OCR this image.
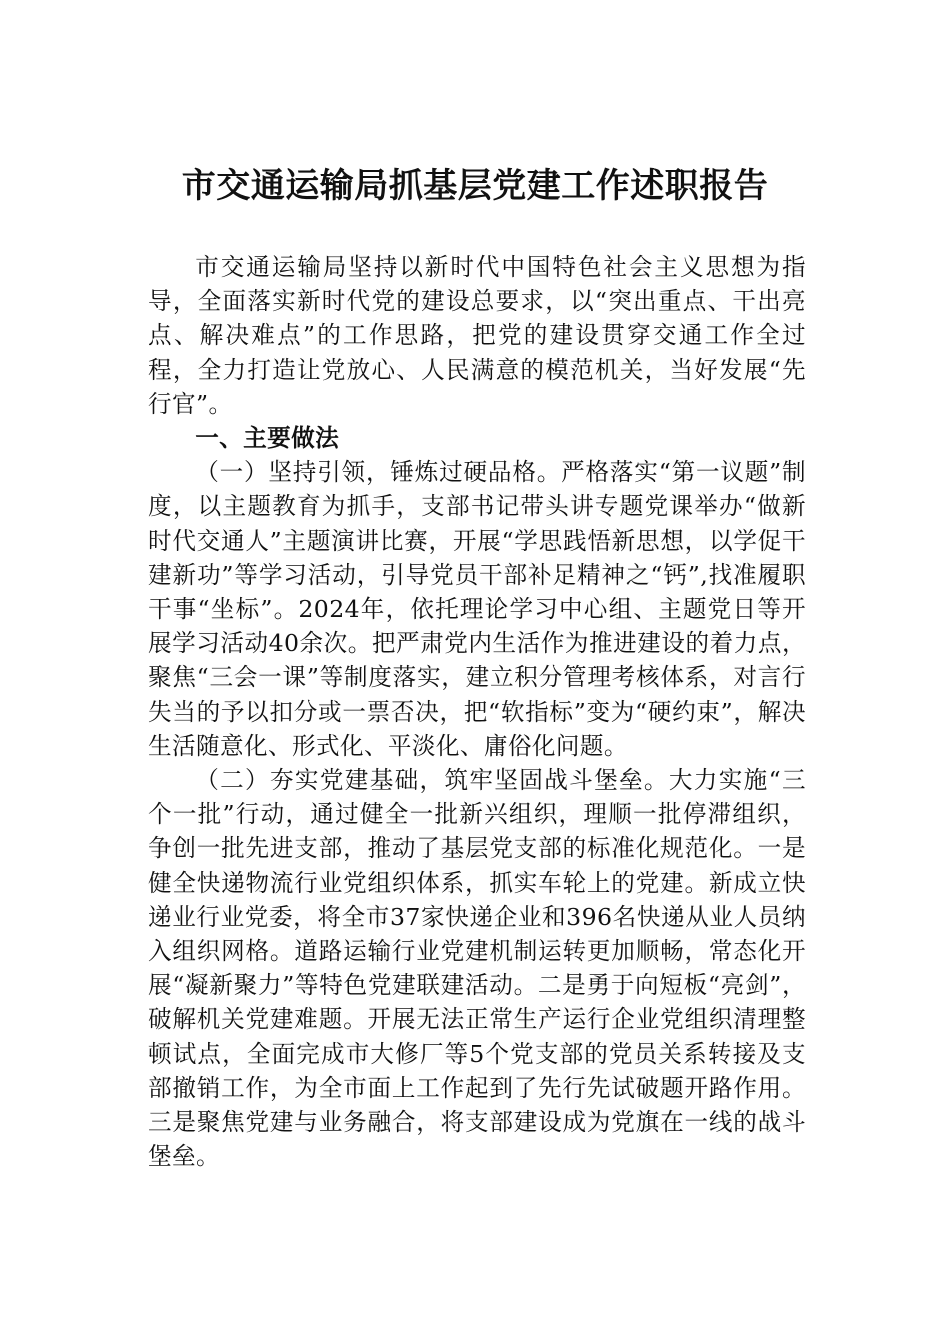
市交通运输局抓基层党建工作述职报告

市交通运输局坚持以新时代中国特色社会主义思想为指导，全面落实新时代党的建设总要求，以“突出重点、干出亮点、解决难点”的工作思路，把党的建设贯穿交通工作全过程，全力打造让党放心、人民满意的模范机关，当好发展“先行官”。

一、主要做法

（一）坚持引领，锤炼过硬品格。严格落实“第一议题”制度，以主题教育为抓手，支部书记带头讲专题党课举办“做新时代交通人”主题演讲比赛，开展“学思践悟新思想，以学促干建新功”等学习活动，引导党员干部补足精神之“钙”,找准履职干事“坐标”。2024年，依托理论学习中心组、主题党日等开展学习活动40余次。把严肃党内生活作为推进建设的着力点，聚焦“三会一课”等制度落实，建立积分管理考核体系，对言行失当的予以扣分或一票否决，把“软指标”变为“硬约束”，解决生活随意化、形式化、平淡化、庸俗化问题。

（二）夯实党建基础，筑牢坚固战斗堡垒。大力实施“三个一批”行动，通过健全一批新兴组织，理顺一批停滞组织，争创一批先进支部，推动了基层党支部的标准化规范化。一是健全快递物流行业党组织体系，抓实车轮上的党建。新成立快递业行业党委，将全市37家快递企业和396名快递从业人员纳入组织网格。道路运输行业党建机制运转更加顺畅，常态化开展“凝新聚力”等特色党建联建活动。二是勇于向短板“亮剑”，破解机关党建难题。开展无法正常生产运行企业党组织清理整顿试点，全面完成市大修厂等5个党支部的党员关系转接及支部撤销工作，为全市面上工作起到了先行先试破题开路作用。三是聚焦党建与业务融合，将支部建设成为党旗在一线的战斗堡垒。
